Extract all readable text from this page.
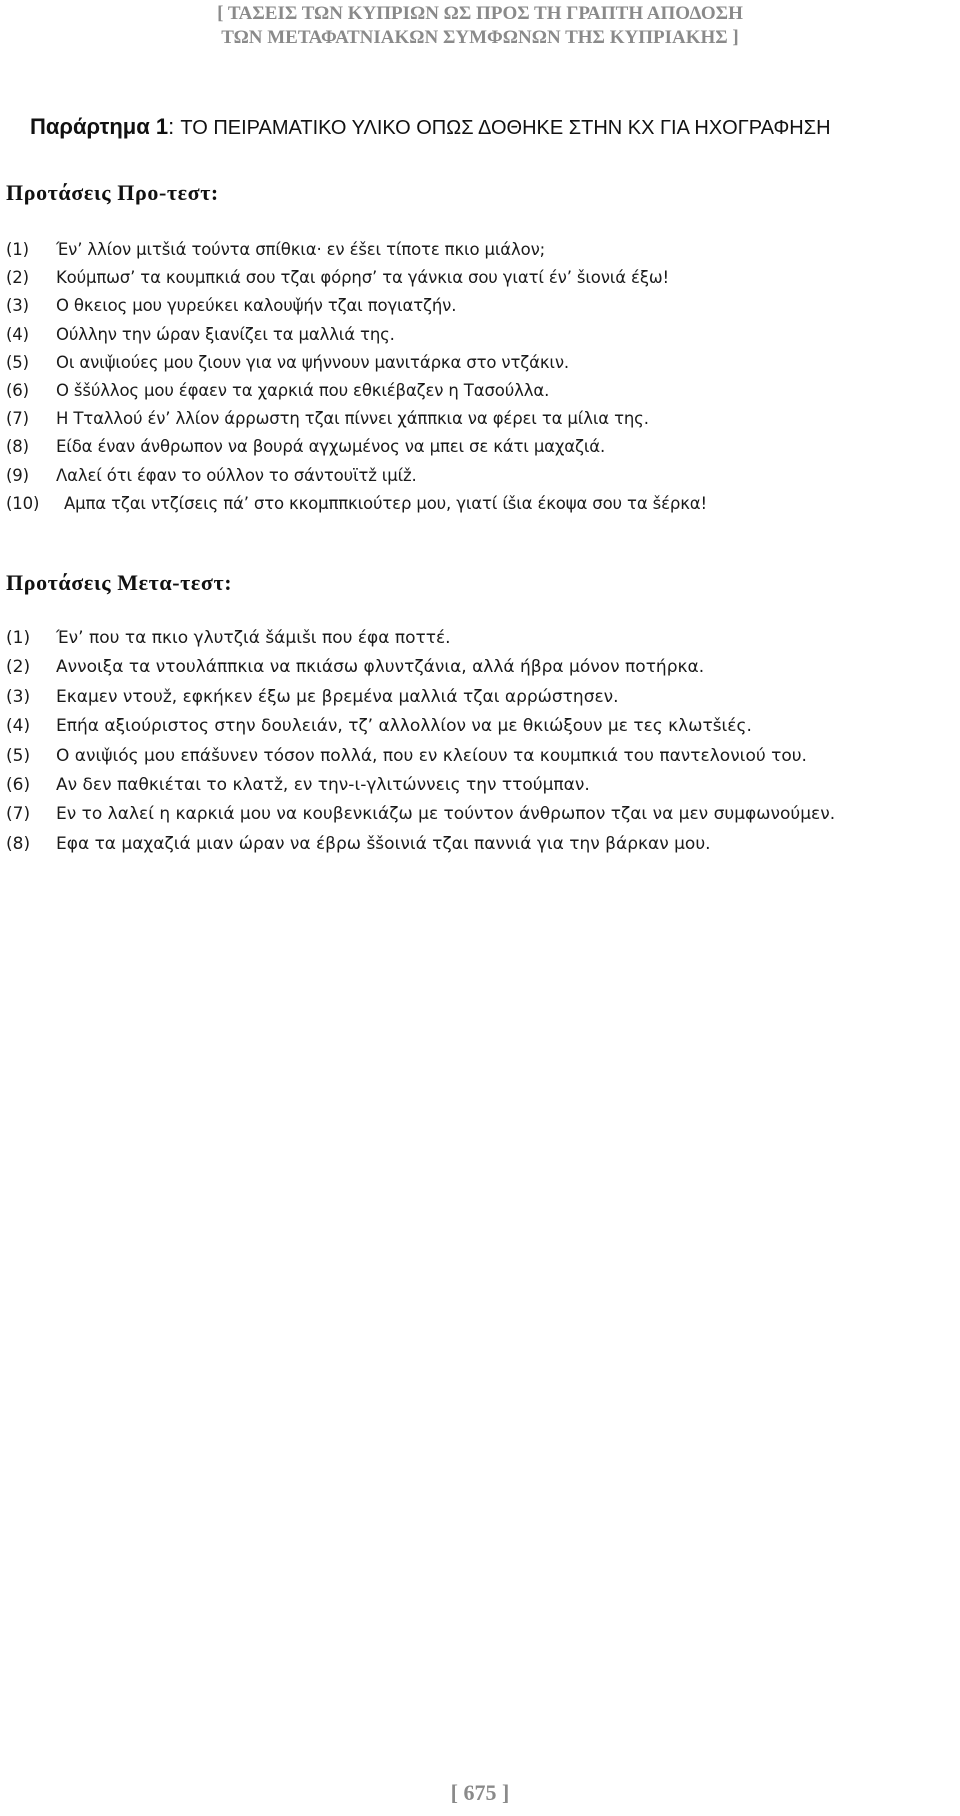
[ ΤΑΣΕΙΣ ΤΩΝ ΚΥΠΡΙΩΝ ΩΣ ΠΡΟΣ ΤΗ ΓΡΑΠΤΗ ΑΠΟΔΟΣΗ
ΤΩΝ ΜΕΤΑΦΑΤΝΙΑΚΩΝ ΣΥΜΦΩΝΩΝ ΤΗΣ ΚΥΠΡΙΑΚΗΣ ]
Παράρτημα 1: ΤΟ ΠΕΙΡΑΜΑΤΙΚΟ ΥΛΙΚΟ ΟΠΩΣ ΔΟΘΗΚΕ ΣΤΗΝ ΚΧ ΓΙΑ ΗΧΟΓΡΑΦΗΣΗ
Προτάσεις Προ-τεστ:
(1)	Έν’ λλίον μιτšιά τούντα σπίθκια· εν έšει τίποτε πκιο μιάλον;
(2)	Κούμπωσ’ τα κουμπκιά σου τζαι φόρησ’ τα γάνκια σου γιατί έν’ šιονιά έξω!
(3)	Ο θκειος μου γυρεύκει καλουψ̌ήν τζαι πογιατζήν.
(4)	Ούλλην την ώραν ξιανίζει τα μαλλιά της.
(5)	Οι ανιψ̌ιούες μου ζιουν για να ψήννουν μανιτάρκα στο ντζάκιν.
(6)	Ο ššύλλος μου έφαεν τα χαρκιά που εθκιέβαζεν η Τασούλλα.
(7)	Η Τταλλού έν’ λλίον άρρωστη τζαι πίννει χάππκια να φέρει τα μίλια της.
(8)	Είδα έναν άνθρωπον να βουρά αγχωμένος να μπει σε κάτι μαχαζιά.
(9)	Λαλεί ότι έφαν το ούλλον το σάντουϊτž ιμίž.
(10)	Αμπα τζαι ντζίσεις πά’ στο κκομππκιούτερ μου, γιατί ίšια έκοψα σου τα šέρκα!
Προτάσεις Μετα-τεστ:
(1)	Έν’ που τα πκιο γλυτζιά šάμιšι που έφα ποττέ.
(2)	Αννοιξα τα ντουλάππκια να πκιάσω φλυντζάνια, αλλά ήβρα μόνον ποτήρκα.
(3)	Εκαμεν ντουž, εφκήκεν έξω με βρεμένα μαλλιά τζαι αρρώστησεν.
(4)	Επήα αξιούριστος στην δουλειάν, τζ’ αλλολλίον να με θκιώξουν με τες κλωτšιές.
(5)	Ο ανιψ̌ιός μου επάšυνεν τόσον πολλά, που εν κλείουν τα κουμπκιά του παντελονιού του.
(6)	Αν δεν παθκιέται το κλατž, εν την-ι-γλιτώννεις την ττούμπαν.
(7)	Εν το λαλεί η καρκιά μου να κουβενκιάζω με τούντον άνθρωπον τζαι να μεν συμφωνούμεν.
(8)	Εφα τα μαχαζιά μιαν ώραν να έβρω ššοινιά τζαι παννιά για την βάρκαν μου.
[ 675 ]
